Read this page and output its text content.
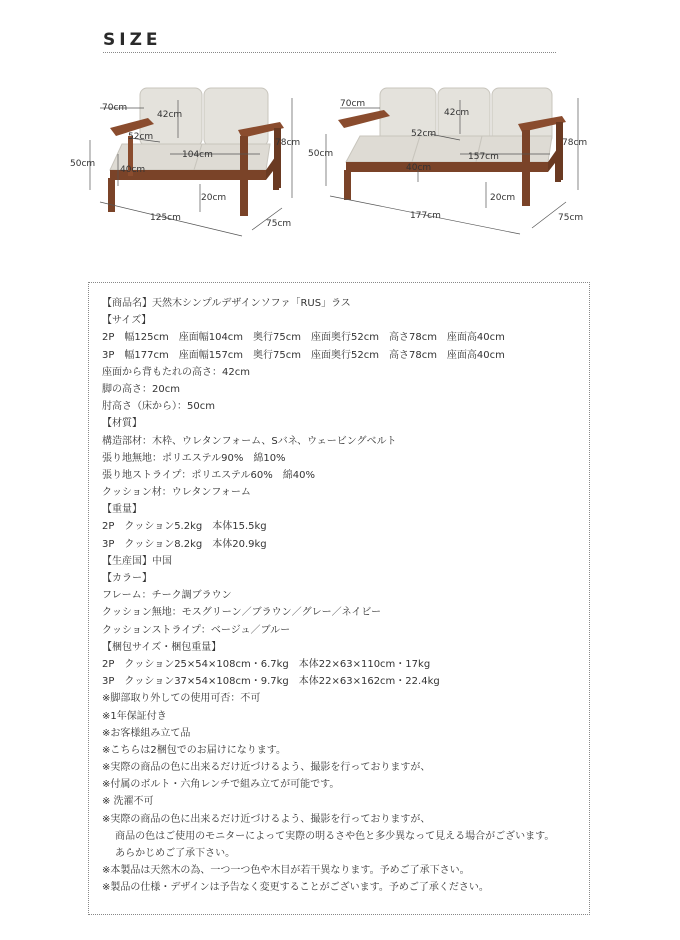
SIZE
70cm
42cm
52cm
78cm
50cm
104cm
40cm
20cm
125cm
75cm
70cm
42cm
52cm
78cm
50cm	157cm
40cm
20cm
177cm	75cm
【商品名】天然木シンプルデザインソファ「RUS」ラス
【サイズ】
2P　幅125cm　座面幅104cm　奥行75cm　座面奥行52cm　高さ78cm　座面高40cm
3P　幅177cm　座面幅157cm　奥行75cm　座面奥行52cm　高さ78cm　座面高40cm
座面から背もたれの高さ：42cm
脚の高さ：20cm
肘高さ（床から）：50cm
【材質】
構造部材：木枠、ウレタンフォーム、Sバネ、ウェービングベルト
張り地無地：ポリエステル90%　綿10%
張り地ストライプ：ポリエステル60%　綿40%
クッション材：ウレタンフォーム
【重量】
2P　クッション5.2kg　本体15.5kg
3P　クッション8.2kg　本体20.9kg
【生産国】中国
【カラー】
フレーム：チーク調ブラウン
クッション無地：モスグリーン／ブラウン／グレー／ネイビー
クッションストライプ：ベージュ／ブルー
【梱包サイズ・梱包重量】
2P　クッション25×54×108cm・6.7kg　本体22×63×110cm・17kg
3P　クッション37×54×108cm・9.7kg　本体22×63×162cm・22.4kg
※脚部取り外しての使用可否：不可
※1年保証付き
※お客様組み立て品
※こちらは2梱包でのお届けになります。
※実際の商品の色に出来るだけ近づけるよう、撮影を行っておりますが、
※付属のボルト・六角レンチで組み立てが可能です。
※ 洗濯不可
※実際の商品の色に出来るだけ近づけるよう、撮影を行っておりますが、
　 商品の色はご使用のモニターによって実際の明るさや色と多少異なって見える場合がございます。
　 あらかじめご了承下さい。
※本製品は天然木の為、一つ一つ色や木目が若干異なります。予めご了承下さい。
※製品の仕様・デザインは予告なく変更することがございます。予めご了承ください。
